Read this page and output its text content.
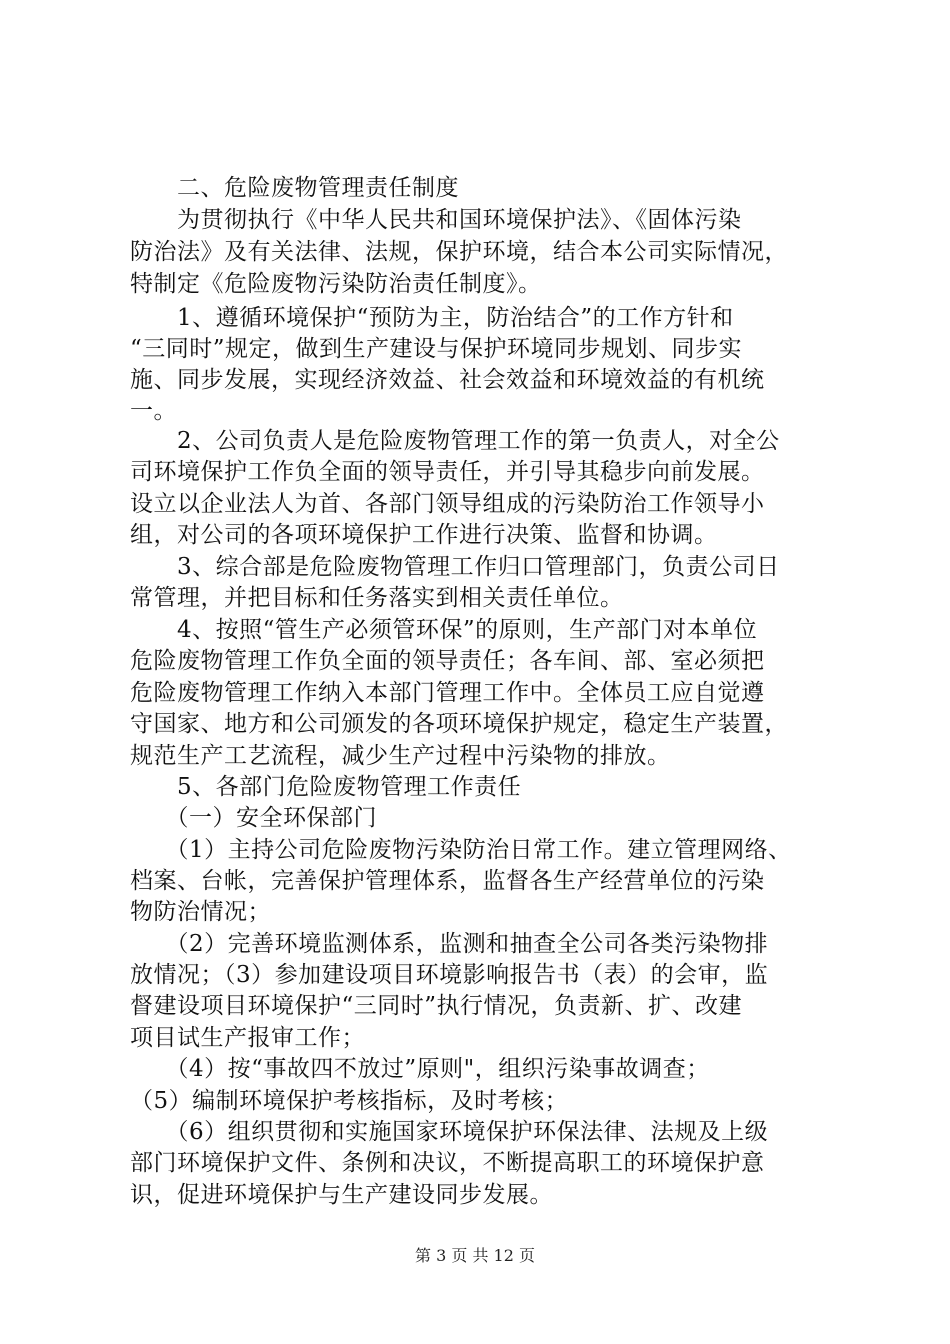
　　二、危险废物管理责任制度
　　为贯彻执行《中华人民共和国环境保护法》、《固体污染
防治法》及有关法律、法规，保护环境，结合本公司实际情况，
特制定《危险废物污染防治责任制度》。
　　1、遵循环境保护“预防为主，防治结合”的工作方针和
“三同时”规定，做到生产建设与保护环境同步规划、同步实
施、同步发展，实现经济效益、社会效益和环境效益的有机统
一。
　　2、公司负责人是危险废物管理工作的第一负责人，对全公
司环境保护工作负全面的领导责任，并引导其稳步向前发展。
设立以企业法人为首、各部门领导组成的污染防治工作领导小
组，对公司的各项环境保护工作进行决策、监督和协调。
　　3、综合部是危险废物管理工作归口管理部门，负责公司日
常管理，并把目标和任务落实到相关责任单位。
　　4、按照“管生产必须管环保”的原则，生产部门对本单位
危险废物管理工作负全面的领导责任；各车间、部、室必须把
危险废物管理工作纳入本部门管理工作中。全体员工应自觉遵
守国家、地方和公司颁发的各项环境保护规定，稳定生产装置，
规范生产工艺流程，减少生产过程中污染物的排放。
　　5、各部门危险废物管理工作责任
　　（一）安全环保部门
　　（1）主持公司危险废物污染防治日常工作。建立管理网络、
档案、台帐，完善保护管理体系，监督各生产经营单位的污染
物防治情况；
　　（2）完善环境监测体系，监测和抽查全公司各类污染物排
放情况；（3）参加建设项目环境影响报告书（表）的会审，监
督建设项目环境保护“三同时”执行情况，负责新、扩、改建
项目试生产报审工作；
　　（4）按“事故四不放过”原则"，组织污染事故调查；
（5）编制环境保护考核指标，及时考核；
　　（6）组织贯彻和实施国家环境保护环保法律、法规及上级
部门环境保护文件、条例和决议，不断提高职工的环境保护意
识，促进环境保护与生产建设同步发展。
第 3 页 共 12 页
